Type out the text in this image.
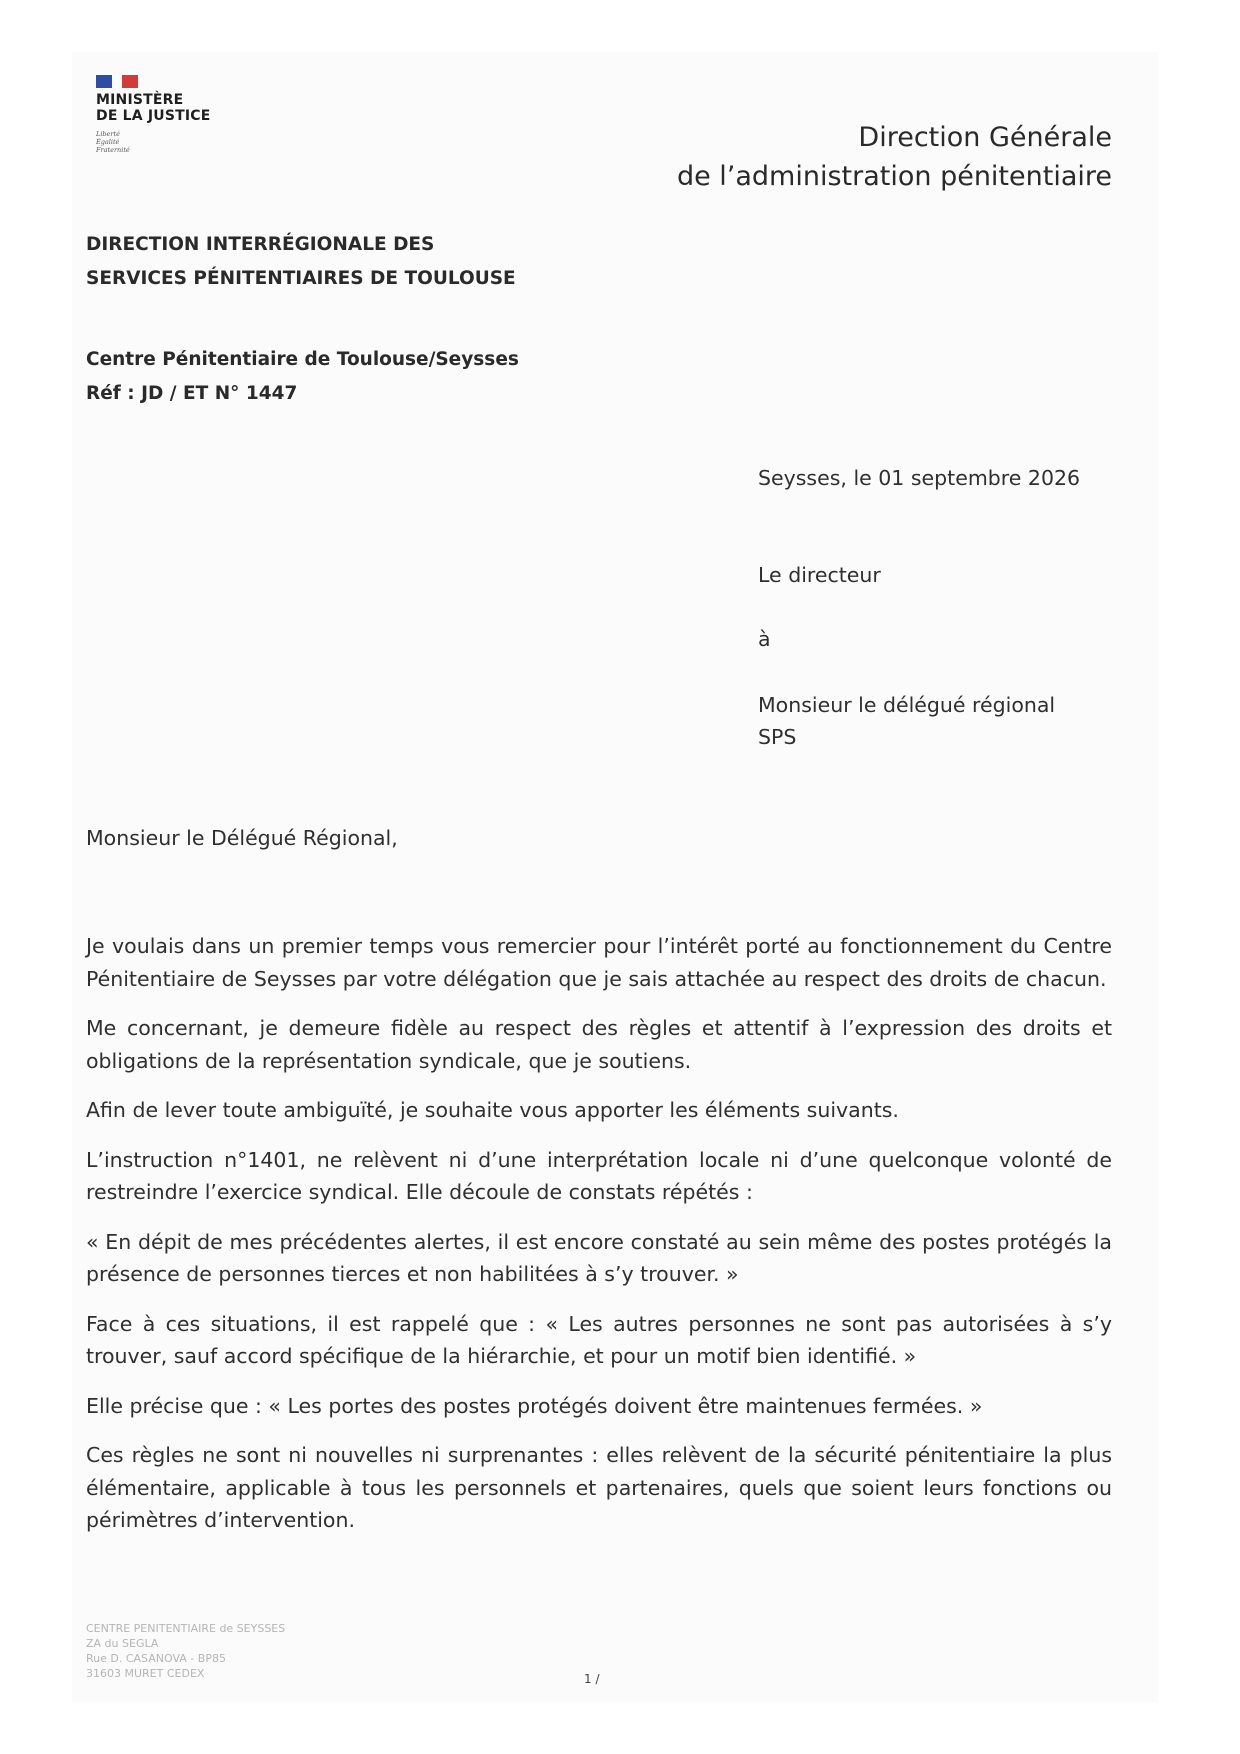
MINISTÈRE
DE LA JUSTICE
Liberté
Égalité
Fraternité	Direction Générale
de l’administration pénitentiaire
DIRECTION INTERRÉGIONALE DES
SERVICES PÉNITENTIAIRES DE TOULOUSE
Centre Pénitentiaire de Toulouse/Seysses
Réf : JD / ET N° 1447
Seysses, le 01 septembre 2026
Le directeur
à
Monsieur le délégué régional
SPS
Monsieur le Délégué Régional,

Je voulais dans un premier temps vous remercier pour l’intérêt porté au fonctionnement du Centre Pénitentiaire de Seysses par votre délégation que je sais attachée au respect des droits de chacun.

Me concernant, je demeure fidèle au respect des règles et attentif à l’expression des droits et obligations de la représentation syndicale, que je soutiens.

Afin de lever toute ambiguïté, je souhaite vous apporter les éléments suivants.

L’instruction n°1401, ne relèvent ni d’une interprétation locale ni d’une quelconque volonté de restreindre l’exercice syndical. Elle découle de constats répétés :

« En dépit de mes précédentes alertes, il est encore constaté au sein même des postes protégés la présence de personnes tierces et non habilitées à s’y trouver. »

Face à ces situations, il est rappelé que : « Les autres personnes ne sont pas autorisées à s’y trouver, sauf accord spécifique de la hiérarchie, et pour un motif bien identifié. »

Elle précise que : « Les portes des postes protégés doivent être maintenues fermées. »

Ces règles ne sont ni nouvelles ni surprenantes : elles relèvent de la sécurité pénitentiaire la plus élémentaire, applicable à tous les personnels et partenaires, quels que soient leurs fonctions ou périmètres d’intervention.

CENTRE PENITENTIAIRE de SEYSSES
ZA du SEGLA
Rue D. CASANOVA - BP85
31603 MURET CEDEX	1 /
